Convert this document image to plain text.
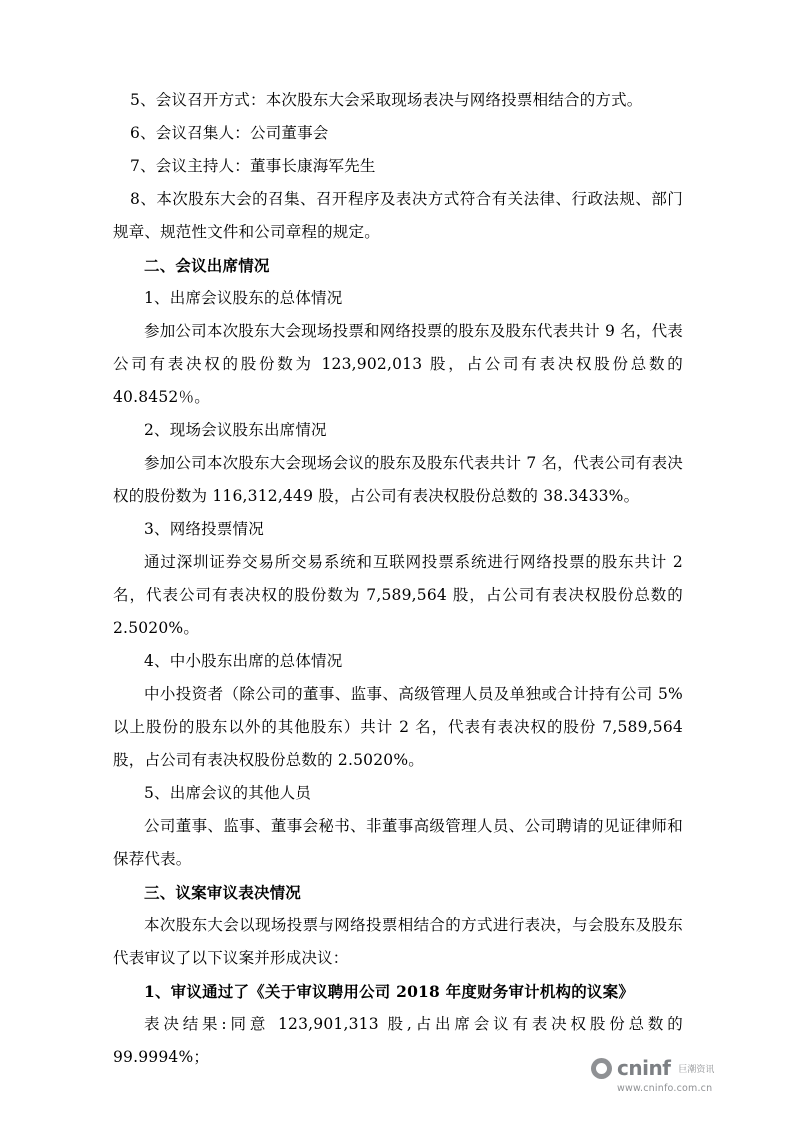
5、会议召开方式：本次股东大会采取现场表决与网络投票相结合的方式。

6、会议召集人：公司董事会

7、会议主持人：董事长康海军先生

8、本次股东大会的召集、召开程序及表决方式符合有关法律、行政法规、部门规章、规范性文件和公司章程的规定。

二、会议出席情况

1、出席会议股东的总体情况

参加公司本次股东大会现场投票和网络投票的股东及股东代表共计 9 名，代表公司有表决权的股份数为 123,902,013 股，占公司有表决权股份总数的 40.8452％。

2、现场会议股东出席情况

参加公司本次股东大会现场会议的股东及股东代表共计 7 名，代表公司有表决权的股份数为 116,312,449 股，占公司有表决权股份总数的 38.3433%。

3、网络投票情况

通过深圳证券交易所交易系统和互联网投票系统进行网络投票的股东共计 2 名，代表公司有表决权的股份数为 7,589,564 股，占公司有表决权股份总数的 2.5020%。

4、中小股东出席的总体情况

中小投资者（除公司的董事、监事、高级管理人员及单独或合计持有公司 5%以上股份的股东以外的其他股东）共计 2 名，代表有表决权的股份 7,589,564 股，占公司有表决权股份总数的 2.5020%。

5、出席会议的其他人员

公司董事、监事、董事会秘书、非董事高级管理人员、公司聘请的见证律师和保荐代表。

三、议案审议表决情况

本次股东大会以现场投票与网络投票相结合的方式进行表决，与会股东及股东代表审议了以下议案并形成决议：

1、审议通过了《关于审议聘用公司 2018 年度财务审计机构的议案》

表决结果:同意 123,901,313 股,占出席会议有表决权股份总数的 99.9994%；	cninf 巨潮资讯
www.cninfo.com.cn
